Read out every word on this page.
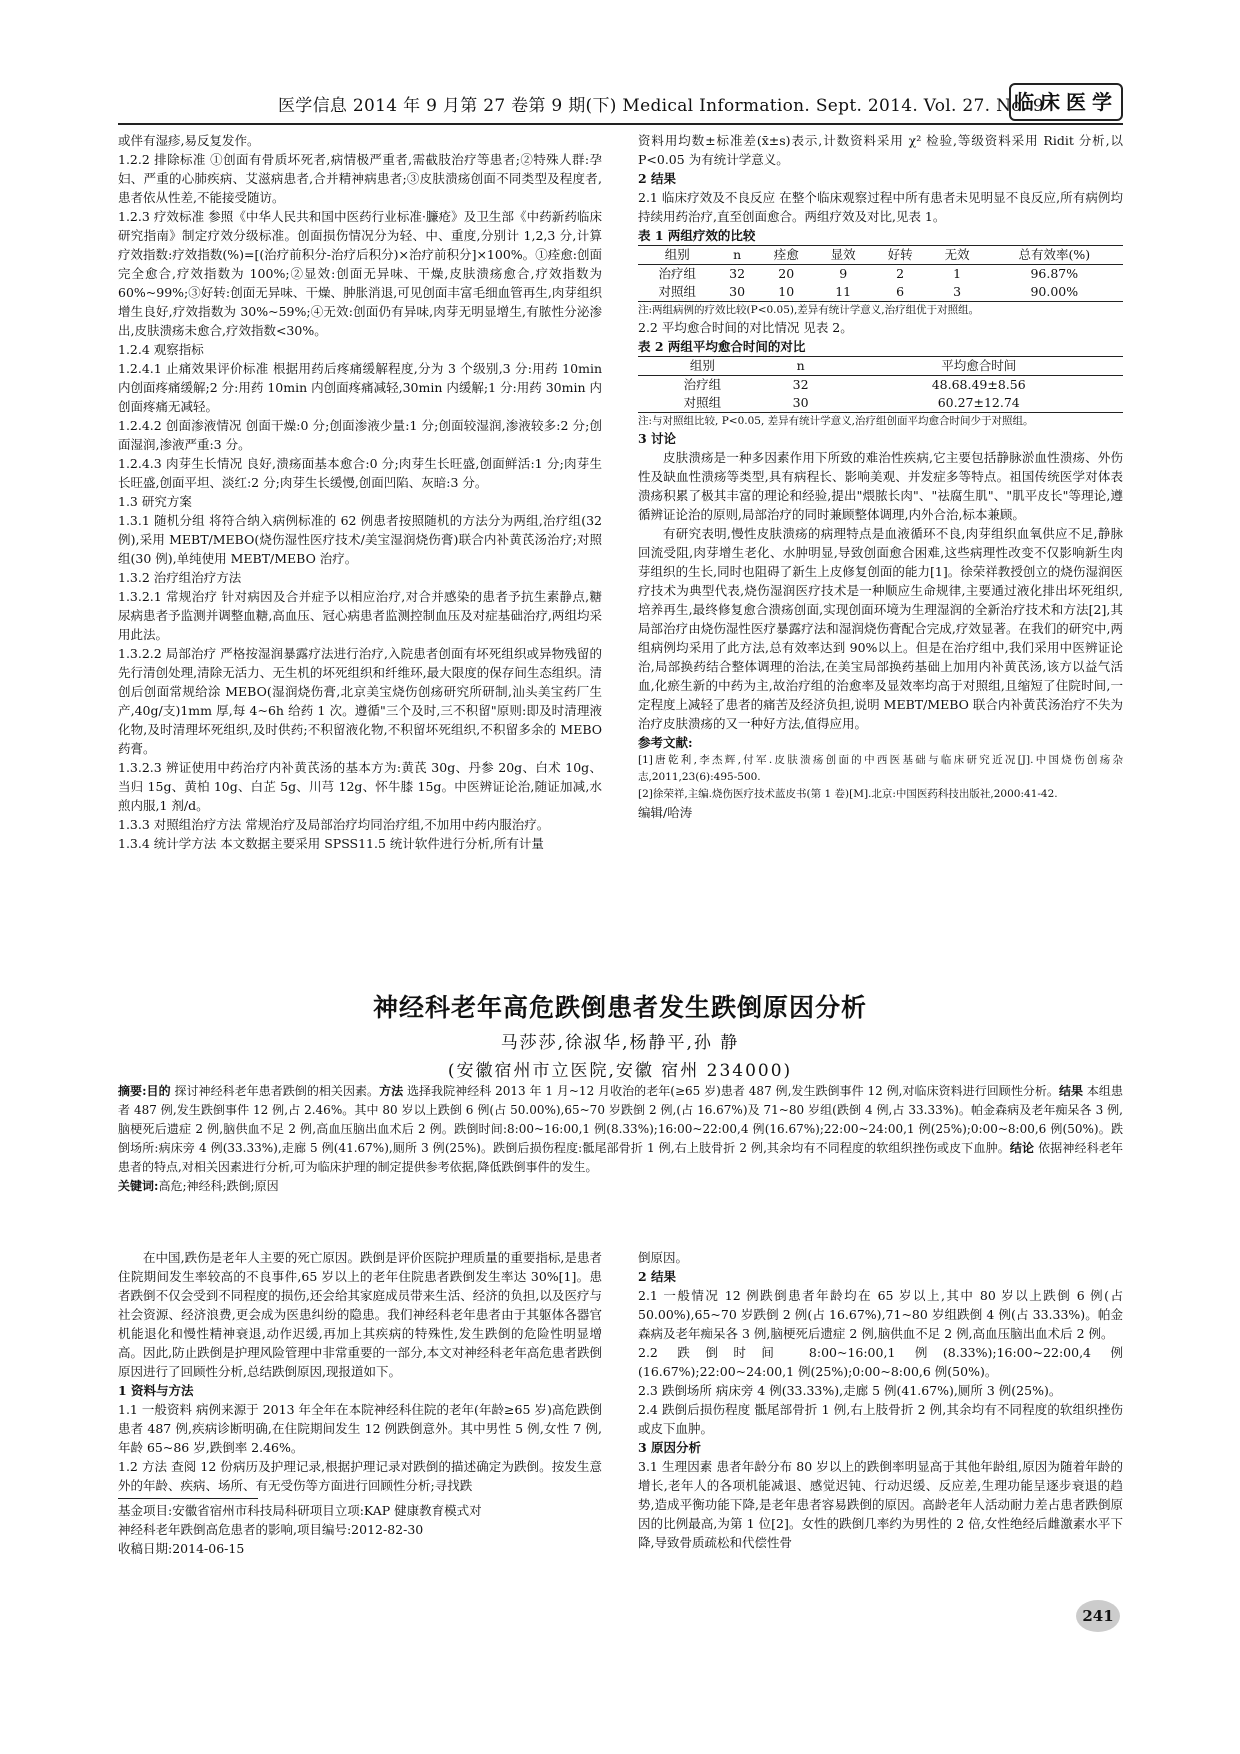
医学信息 2014 年 9 月第 27 卷第 9 期(下) Medical Information. Sept. 2014. Vol. 27. No. 9
临床医学

或伴有湿疹,易反复发作。

1.2.2 排除标准 ①创面有骨质坏死者,病情极严重者,需截肢治疗等患者;②特殊人群:孕妇、严重的心肺疾病、艾滋病患者,合并精神病患者;③皮肤溃疡创面不同类型及程度者,患者依从性差,不能接受随访。

1.2.3 疗效标准 参照《中华人民共和国中医药行业标准·臁疮》及卫生部《中药新药临床研究指南》制定疗效分级标准。创面损伤情况分为轻、中、重度,分别计 1,2,3 分,计算疗效指数:疗效指数(%)=[(治疗前积分-治疗后积分)×治疗前积分]×100%。①痊愈:创面完全愈合,疗效指数为 100%;②显效:创面无异味、干燥,皮肤溃疡愈合,疗效指数为 60%~99%;③好转:创面无异味、干燥、肿胀消退,可见创面丰富毛细血管再生,肉芽组织增生良好,疗效指数为 30%~59%;④无效:创面仍有异味,肉芽无明显增生,有脓性分泌渗出,皮肤溃疡未愈合,疗效指数<30%。

1.2.4 观察指标

1.2.4.1 止痛效果评价标准 根据用药后疼痛缓解程度,分为 3 个级别,3 分:用药 10min 内创面疼痛缓解;2 分:用药 10min 内创面疼痛减轻,30min 内缓解;1 分:用药 30min 内创面疼痛无减轻。

1.2.4.2 创面渗液情况 创面干燥:0 分;创面渗液少量:1 分;创面较湿润,渗液较多:2 分;创面湿润,渗液严重:3 分。

1.2.4.3 肉芽生长情况 良好,溃疡面基本愈合:0 分;肉芽生长旺盛,创面鲜活:1 分;肉芽生长旺盛,创面平坦、淡红:2 分;肉芽生长缓慢,创面凹陷、灰暗:3 分。

1.3 研究方案

1.3.1 随机分组 将符合纳入病例标准的 62 例患者按照随机的方法分为两组,治疗组(32 例),采用 MEBT/MEBO(烧伤湿性医疗技术/美宝湿润烧伤膏)联合内补黄芪汤治疗;对照组(30 例),单纯使用 MEBT/MEBO 治疗。

1.3.2 治疗组治疗方法

1.3.2.1 常规治疗 针对病因及合并症予以相应治疗,对合并感染的患者予抗生素静点,糖尿病患者予监测并调整血糖,高血压、冠心病患者监测控制血压及对症基础治疗,两组均采用此法。

1.3.2.2 局部治疗 严格按湿润暴露疗法进行治疗,入院患者创面有坏死组织或异物残留的先行清创处理,清除无活力、无生机的坏死组织和纤维环,最大限度的保存间生态组织。清创后创面常规给涂 MEBO(湿润烧伤膏,北京美宝烧伤创疡研究所研制,汕头美宝药厂生产,40g/支)1mm 厚,每 4~6h 给药 1 次。遵循"三个及时,三不积留"原则:即及时清理液化物,及时清理坏死组织,及时供药;不积留液化物,不积留坏死组织,不积留多余的 MEBO 药膏。

1.3.2.3 辨证使用中药治疗内补黄芪汤的基本方为:黄芪 30g、丹参 20g、白术 10g、当归 15g、黄柏 10g、白芷 5g、川芎 12g、怀牛膝 15g。中医辨证论治,随证加减,水煎内服,1 剂/d。

1.3.3 对照组治疗方法 常规治疗及局部治疗均同治疗组,不加用中药内服治疗。

1.3.4 统计学方法 本文数据主要采用 SPSS11.5 统计软件进行分析,所有计量

资料用均数±标准差(x̄±s)表示,计数资料采用 χ² 检验,等级资料采用 Ridit 分析,以 P<0.05 为有统计学意义。

2 结果

2.1 临床疗效及不良反应 在整个临床观察过程中所有患者未见明显不良反应,所有病例均持续用药治疗,直至创面愈合。两组疗效及对比,见表 1。

表 1 两组疗效的比较

组别	n	痊愈	显效	好转	无效	总有效率(%)
治疗组	32	20	9	2	1	96.87%
对照组	30	10	11	6	3	90.00%

注:两组病例的疗效比较(P<0.05),差异有统计学意义,治疗组优于对照组。

2.2 平均愈合时间的对比情况 见表 2。

表 2 两组平均愈合时间的对比

组别	n	平均愈合时间
治疗组	32	48.68.49±8.56
对照组	30	60.27±12.74

注:与对照组比较, P<0.05, 差异有统计学意义,治疗组创面平均愈合时间少于对照组。

3 讨论

皮肤溃疡是一种多因素作用下所致的难治性疾病,它主要包括静脉淤血性溃疡、外伤性及缺血性溃疡等类型,具有病程长、影响美观、并发症多等特点。祖国传统医学对体表溃疡积累了极其丰富的理论和经验,提出"煨脓长肉"、"祛腐生肌"、"肌平皮长"等理论,遵循辨证论治的原则,局部治疗的同时兼顾整体调理,内外合治,标本兼顾。

有研究表明,慢性皮肤溃疡的病理特点是血液循环不良,肉芽组织血氧供应不足,静脉回流受阻,肉芽增生老化、水肿明显,导致创面愈合困难,这些病理性改变不仅影响新生肉芽组织的生长,同时也阻碍了新生上皮修复创面的能力[1]。徐荣祥教授创立的烧伤湿润医疗技术为典型代表,烧伤湿润医疗技术是一种顺应生命规律,主要通过液化排出坏死组织,培养再生,最终修复愈合溃疡创面,实现创面环境为生理湿润的全新治疗技术和方法[2],其局部治疗由烧伤湿性医疗暴露疗法和湿润烧伤膏配合完成,疗效显著。在我们的研究中,两组病例均采用了此方法,总有效率达到 90%以上。但是在治疗组中,我们采用中医辨证论治,局部换药结合整体调理的治法,在美宝局部换药基础上加用内补黄芪汤,该方以益气活血,化瘀生新的中药为主,故治疗组的治愈率及显效率均高于对照组,且缩短了住院时间,一定程度上减轻了患者的痛苦及经济负担,说明 MEBT/MEBO 联合内补黄芪汤治疗不失为治疗皮肤溃疡的又一种好方法,值得应用。

参考文献:

[1]唐乾利,李杰辉,付军.皮肤溃疡创面的中西医基础与临床研究近况[J].中国烧伤创疡杂志,2011,23(6):495-500.

[2]徐荣祥,主编.烧伤医疗技术蓝皮书(第 1 卷)[M].北京:中国医药科技出版社,2000:41-42.

编辑/哈涛

神经科老年高危跌倒患者发生跌倒原因分析
马莎莎,徐淑华,杨静平,孙 静
(安徽宿州市立医院,安徽 宿州 234000)
摘要:目的 探讨神经科老年患者跌倒的相关因素。方法 选择我院神经科 2013 年 1 月~12 月收治的老年(≥65 岁)患者 487 例,发生跌倒事件 12 例,对临床资料进行回顾性分析。结果 本组患者 487 例,发生跌倒事件 12 例,占 2.46%。其中 80 岁以上跌倒 6 例(占 50.00%),65~70 岁跌倒 2 例,(占 16.67%)及 71~80 岁组(跌倒 4 例,占 33.33%)。帕金森病及老年痴呆各 3 例,脑梗死后遗症 2 例,脑供血不足 2 例,高血压脑出血术后 2 例。跌倒时间:8:00~16:00,1 例(8.33%);16:00~22:00,4 例(16.67%);22:00~24:00,1 例(25%);0:00~8:00,6 例(50%)。跌倒场所:病床旁 4 例(33.33%),走廊 5 例(41.67%),厕所 3 例(25%)。跌倒后损伤程度:骶尾部骨折 1 例,右上肢骨折 2 例,其余均有不同程度的软组织挫伤或皮下血肿。结论 依据神经科老年患者的特点,对相关因素进行分析,可为临床护理的制定提供参考依据,降低跌倒事件的发生。
关键词:高危;神经科;跌倒;原因

在中国,跌伤是老年人主要的死亡原因。跌倒是评价医院护理质量的重要指标,是患者住院期间发生率较高的不良事件,65 岁以上的老年住院患者跌倒发生率达 30%[1]。患者跌倒不仅会受到不同程度的损伤,还会给其家庭成员带来生活、经济的负担,以及医疗与社会资源、经济浪费,更会成为医患纠纷的隐患。我们神经科老年患者由于其躯体各器官机能退化和慢性精神衰退,动作迟缓,再加上其疾病的特殊性,发生跌倒的危险性明显增高。因此,防止跌倒是护理风险管理中非常重要的一部分,本文对神经科老年高危患者跌倒原因进行了回顾性分析,总结跌倒原因,现报道如下。

1 资料与方法

1.1 一般资料 病例来源于 2013 年全年在本院神经科住院的老年(年龄≥65 岁)高危跌倒患者 487 例,疾病诊断明确,在住院期间发生 12 例跌倒意外。其中男性 5 例,女性 7 例,年龄 65~86 岁,跌倒率 2.46%。

1.2 方法 查阅 12 份病历及护理记录,根据护理记录对跌倒的描述确定为跌倒。按发生意外的年龄、疾病、场所、有无受伤等方面进行回顾性分析;寻找跌

基金项目:安徽省宿州市科技局科研项目立项:KAP 健康教育模式对

神经科老年跌倒高危患者的影响,项目编号:2012-82-30

收稿日期:2014-06-15

倒原因。

2 结果

2.1 一般情况 12 例跌倒患者年龄均在 65 岁以上,其中 80 岁以上跌倒 6 例(占 50.00%),65~70 岁跌倒 2 例(占 16.67%),71~80 岁组跌倒 4 例(占 33.33%)。帕金森病及老年痴呆各 3 例,脑梗死后遗症 2 例,脑供血不足 2 例,高血压脑出血术后 2 例。

2.2 跌倒时间 8:00~16:00,1 例(8.33%);16:00~22:00,4 例(16.67%);22:00~24:00,1 例(25%);0:00~8:00,6 例(50%)。

2.3 跌倒场所 病床旁 4 例(33.33%),走廊 5 例(41.67%),厕所 3 例(25%)。

2.4 跌倒后损伤程度 骶尾部骨折 1 例,右上肢骨折 2 例,其余均有不同程度的软组织挫伤或皮下血肿。

3 原因分析

3.1 生理因素 患者年龄分布 80 岁以上的跌倒率明显高于其他年龄组,原因为随着年龄的增长,老年人的各项机能减退、感觉迟钝、行动迟缓、反应差,生理功能呈逐步衰退的趋势,造成平衡功能下降,是老年患者容易跌倒的原因。高龄老年人活动耐力差占患者跌倒原因的比例最高,为第 1 位[2]。女性的跌倒几率约为男性的 2 倍,女性绝经后雌激素水平下降,导致骨质疏松和代偿性骨

241
